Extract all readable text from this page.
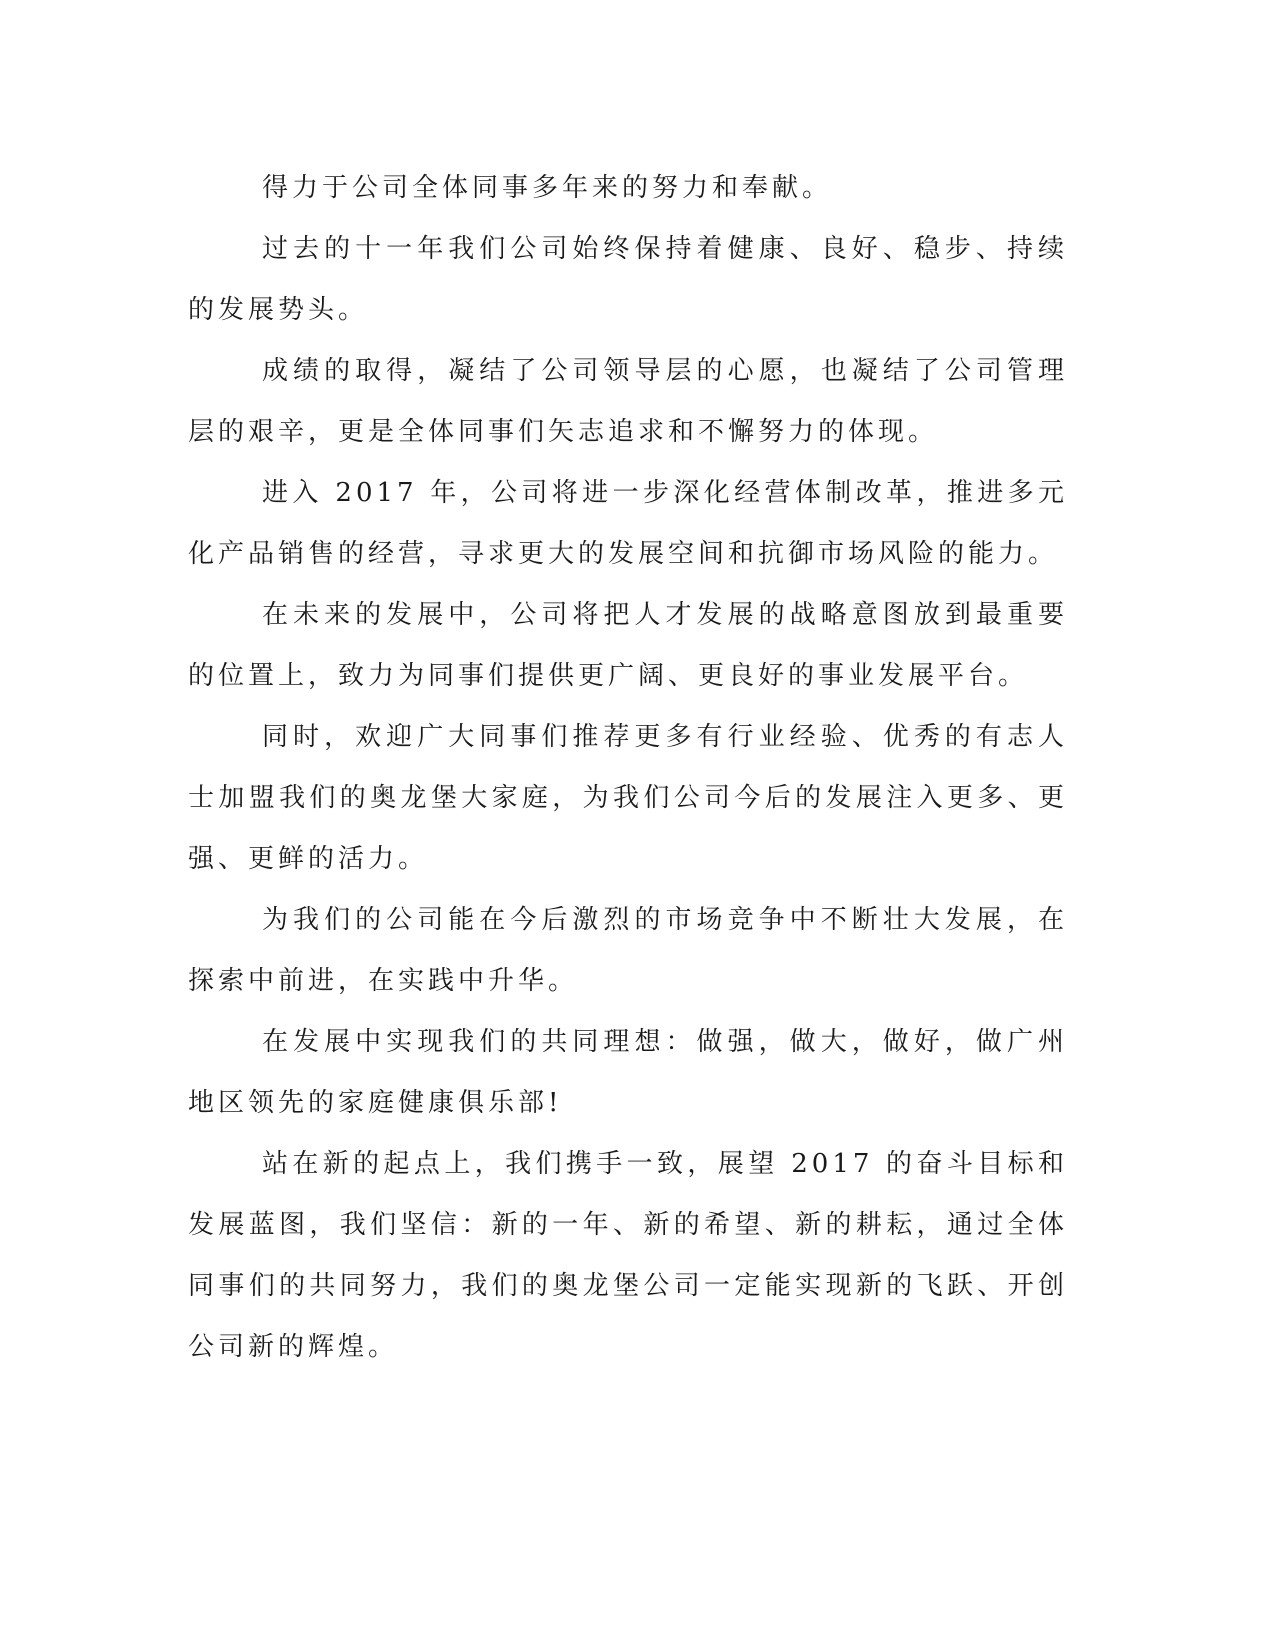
得力于公司全体同事多年来的努力和奉献。

过去的十一年我们公司始终保持着健康、良好、稳步、持续的发展势头。

成绩的取得，凝结了公司领导层的心愿，也凝结了公司管理层的艰辛，更是全体同事们矢志追求和不懈努力的体现。

进入 2017 年，公司将进一步深化经营体制改革，推进多元化产品销售的经营，寻求更大的发展空间和抗御市场风险的能力。

在未来的发展中，公司将把人才发展的战略意图放到最重要的位置上，致力为同事们提供更广阔、更良好的事业发展平台。

同时，欢迎广大同事们推荐更多有行业经验、优秀的有志人士加盟我们的奥龙堡大家庭，为我们公司今后的发展注入更多、更强、更鲜的活力。

为我们的公司能在今后激烈的市场竞争中不断壮大发展，在探索中前进，在实践中升华。

在发展中实现我们的共同理想：做强，做大，做好，做广州地区领先的家庭健康俱乐部!

站在新的起点上，我们携手一致，展望 2017 的奋斗目标和发展蓝图，我们坚信：新的一年、新的希望、新的耕耘，通过全体同事们的共同努力，我们的奥龙堡公司一定能实现新的飞跃、开创公司新的辉煌。
